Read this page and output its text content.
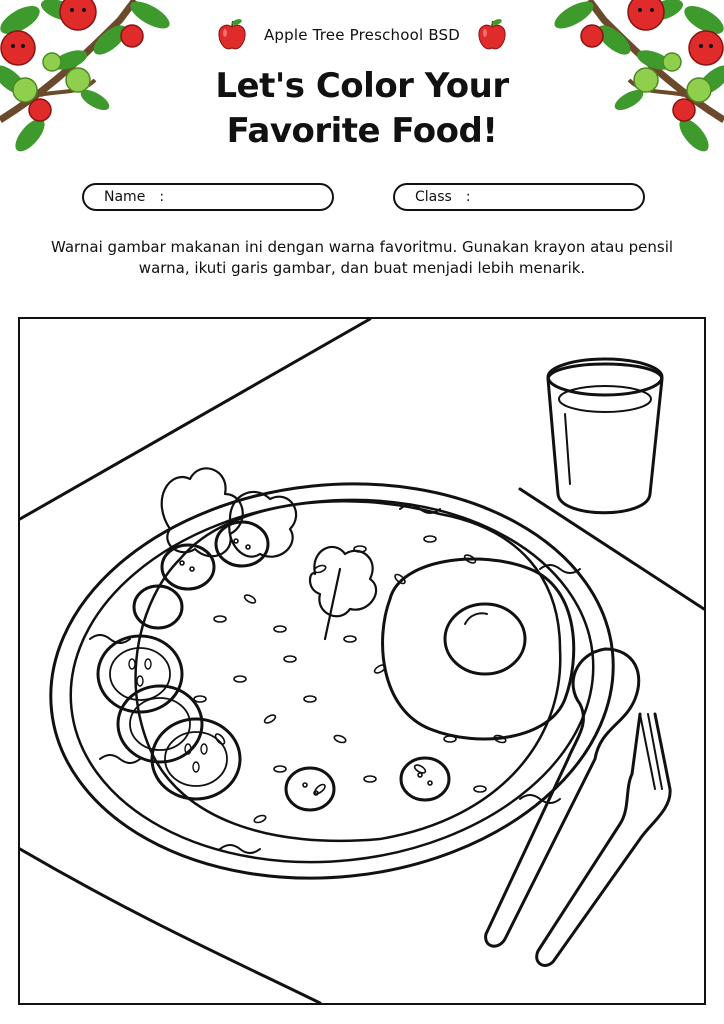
Apple Tree Preschool BSD
Let's Color Your
Favorite Food!
Name :	Class :
Warnai gambar makanan ini dengan warna favoritmu. Gunakan krayon atau pensil warna, ikuti garis gambar, dan buat menjadi lebih menarik.
